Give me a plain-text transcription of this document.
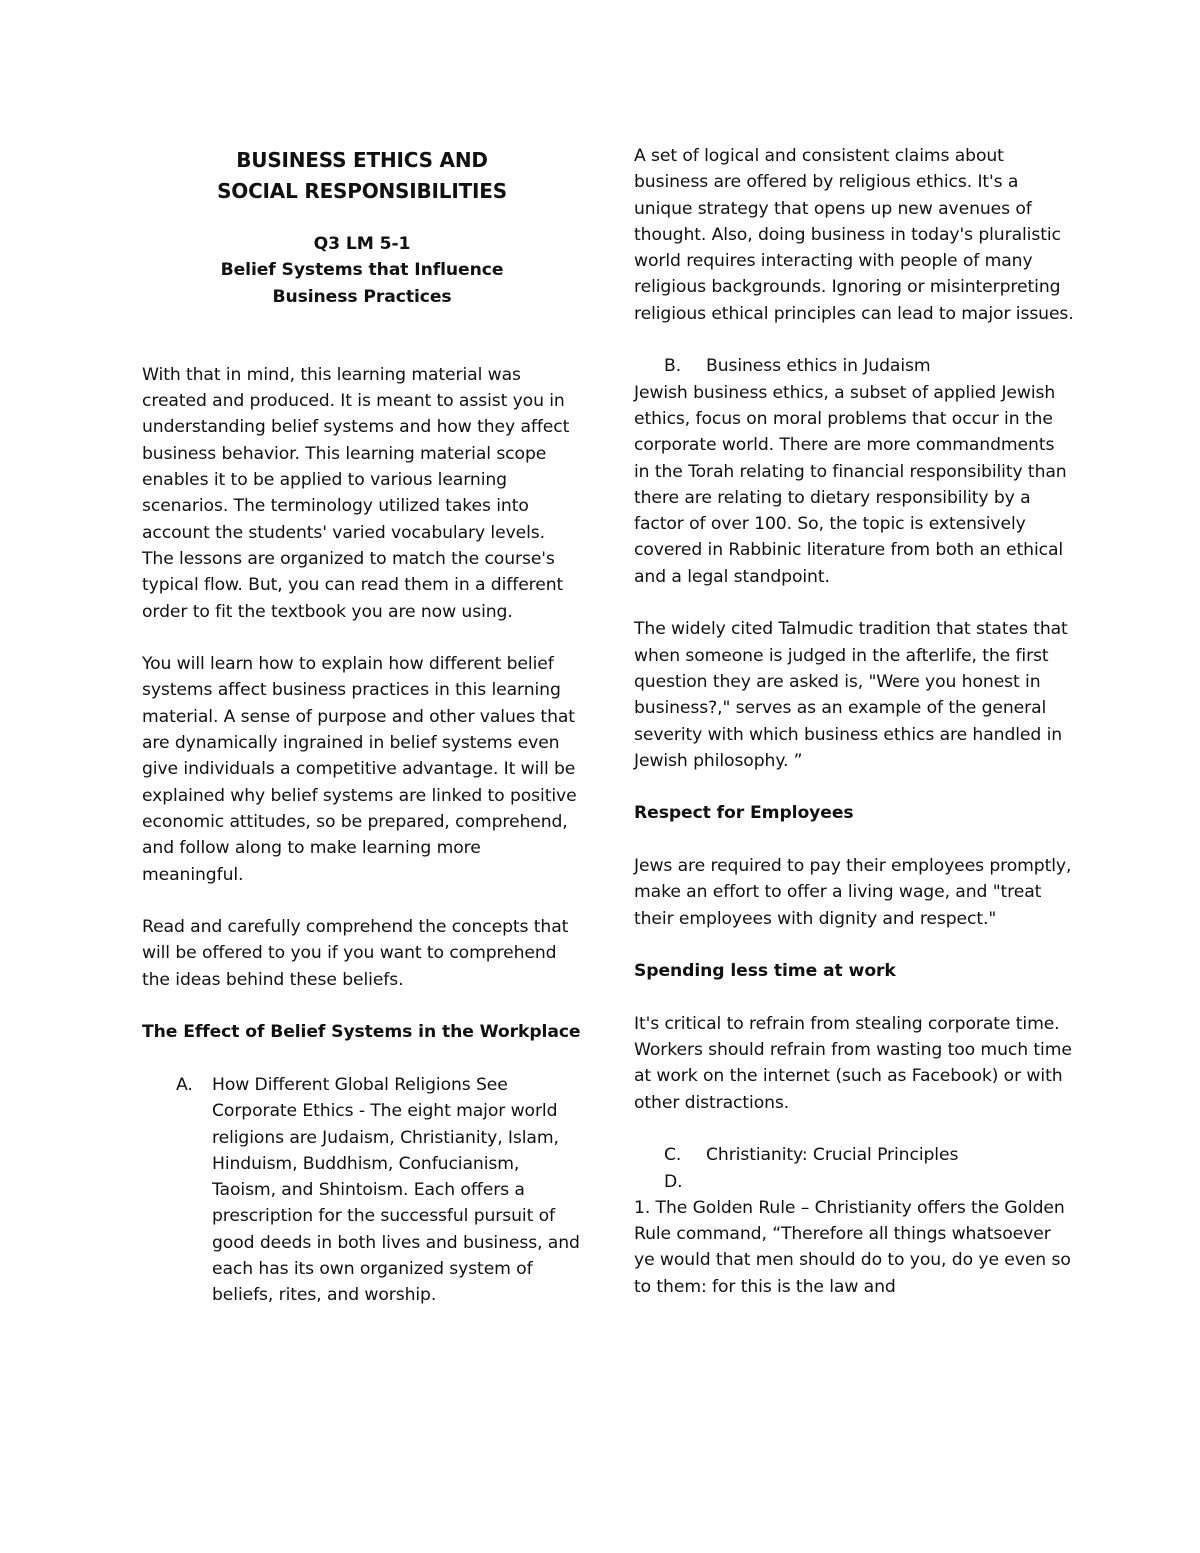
BUSINESS ETHICS AND

SOCIAL RESPONSIBILITIES

Q3 LM 5-1

Belief Systems that Influence

Business Practices

With that in mind, this learning material was created and produced. It is meant to assist you in understanding belief systems and how they affect business behavior. This learning material scope enables it to be applied to various learning scenarios. The terminology utilized takes into account the students' varied vocabulary levels. The lessons are organized to match the course's typical flow. But, you can read them in a different order to fit the textbook you are now using.

You will learn how to explain how different belief systems affect business practices in this learning material. A sense of purpose and other values that are dynamically ingrained in belief systems even give individuals a competitive advantage. It will be explained why belief systems are linked to positive economic attitudes, so be prepared, comprehend, and follow along to make learning more meaningful.

Read and carefully comprehend the concepts that will be offered to you if you want to comprehend the ideas behind these beliefs.

The Effect of Belief Systems in the Workplace

A. How Different Global Religions See Corporate Ethics - The eight major world religions are Judaism, Christianity, Islam, Hinduism, Buddhism, Confucianism, Taoism, and Shintoism. Each offers a prescription for the successful pursuit of good deeds in both lives and business, and each has its own organized system of beliefs, rites, and worship.

A set of logical and consistent claims about business are offered by religious ethics. It's a unique strategy that opens up new avenues of thought. Also, doing business in today's pluralistic world requires interacting with people of many religious backgrounds. Ignoring or misinterpreting religious ethical principles can lead to major issues.

B. Business ethics in Judaism

Jewish business ethics, a subset of applied Jewish ethics, focus on moral problems that occur in the corporate world. There are more commandments in the Torah relating to financial responsibility than there are relating to dietary responsibility by a factor of over 100. So, the topic is extensively covered in Rabbinic literature from both an ethical and a legal standpoint.

The widely cited Talmudic tradition that states that when someone is judged in the afterlife, the first question they are asked is, "Were you honest in business?," serves as an example of the general severity with which business ethics are handled in Jewish philosophy. ”

Respect for Employees

Jews are required to pay their employees promptly, make an effort to offer a living wage, and "treat their employees with dignity and respect."

Spending less time at work

It's critical to refrain from stealing corporate time. Workers should refrain from wasting too much time at work on the internet (such as Facebook) or with other distractions.

C. Christianity: Crucial Principles
D.

1. The Golden Rule – Christianity offers the Golden Rule command, “Therefore all things whatsoever ye would that men should do to you, do ye even so to them: for this is the law and
